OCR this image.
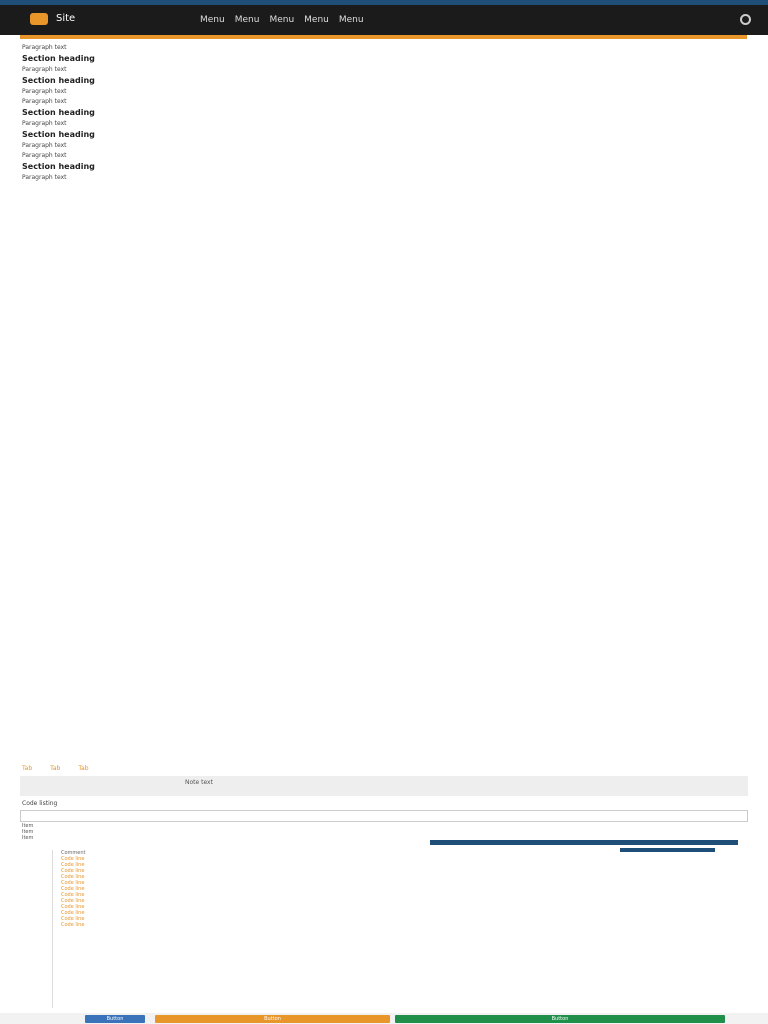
Site	Menu Menu Menu Menu Menu

Paragraph text

Section heading

Paragraph text

Section heading

Paragraph text

Paragraph text

Section heading

Paragraph text

Section heading

Paragraph text

Paragraph text

Section heading

Paragraph text

Tab	Tab	Tab
Note text
Code listing
Item
Item
Item
Comment
Code line
Code line
Code line
Code line
Code line
Code line
Code line
Code line
Code line
Code line
Code line
Code line
Button	Button	Button
